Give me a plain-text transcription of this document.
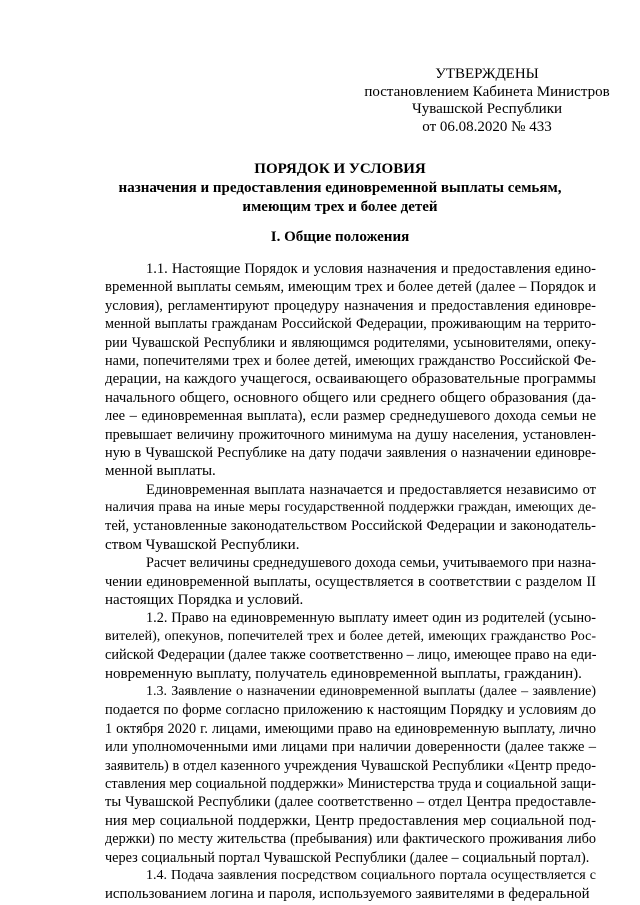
УТВЕРЖДЕНЫ
постановлением Кабинета Министров
Чувашской Республики
от 06.08.2020 № 433
ПОРЯДОК И УСЛОВИЯ
назначения и предоставления единовременной выплаты семьям,
имеющим трех и более детей
I. Общие положения

1.1. Настоящие Порядок и условия назначения и предоставления едино-
временной выплаты семьям, имеющим трех и более детей (далее – Порядок и
условия), регламентируют процедуру назначения и предоставления единовре-
менной выплаты гражданам Российской Федерации, проживающим на террито-
рии Чувашской Республики и являющимся родителями, усыновителями, опеку-
нами, попечителями трех и более детей, имеющих гражданство Российской Фе-
дерации, на каждого учащегося, осваивающего образовательные программы
начального общего, основного общего или среднего общего образования (да-
лее – единовременная выплата), если размер среднедушевого дохода семьи не
превышает величину прожиточного минимума на душу населения, установлен-
ную в Чувашской Республике на дату подачи заявления о назначении единовре-
менной выплаты.

Единовременная выплата назначается и предоставляется независимо от
наличия права на иные меры государственной поддержки граждан, имеющих де-
тей, установленные законодательством Российской Федерации и законодатель-
ством Чувашской Республики.

Расчет величины среднедушевого дохода семьи, учитываемого при назна-
чении единовременной выплаты, осуществляется в соответствии с разделом II
настоящих Порядка и условий.

1.2. Право на единовременную выплату имеет один из родителей (усыно-
вителей), опекунов, попечителей трех и более детей, имеющих гражданство Рос-
сийской Федерации (далее также соответственно – лицо, имеющее право на еди-
новременную выплату, получатель единовременной выплаты, гражданин).

1.3. Заявление о назначении единовременной выплаты (далее – заявление)
подается по форме согласно приложению к настоящим Порядку и условиям до
1 октября 2020 г. лицами, имеющими право на единовременную выплату, лично
или уполномоченными ими лицами при наличии доверенности (далее также –
заявитель) в отдел казенного учреждения Чувашской Республики «Центр предо-
ставления мер социальной поддержки» Министерства труда и социальной защи-
ты Чувашской Республики (далее соответственно – отдел Центра предоставле-
ния мер социальной поддержки, Центр предоставления мер социальной под-
держки) по месту жительства (пребывания) или фактического проживания либо
через социальный портал Чувашской Республики (далее – социальный портал).

1.4. Подача заявления посредством социального портала осуществляется с
использованием логина и пароля, используемого заявителями в федеральной
